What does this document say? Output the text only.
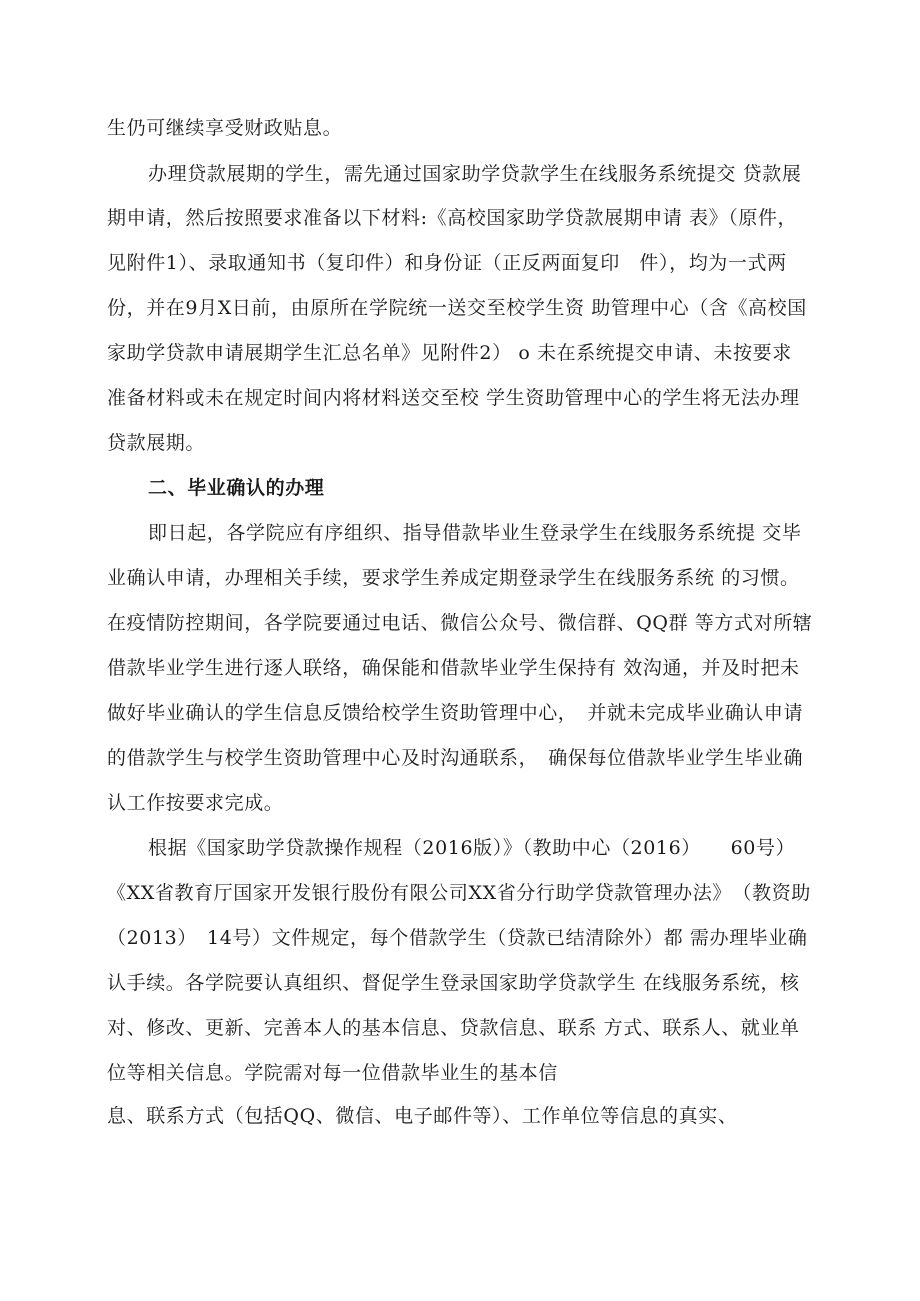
生仍可继续享受财政贴息。
办理贷款展期的学生，需先通过国家助学贷款学生在线服务系统提交 贷款展
期申请，然后按照要求准备以下材料:《高校国家助学贷款展期申请 表》（原件，
见附件1）、录取通知书（复印件）和身份证（正反两面复印　件），均为一式两
份，并在9月X日前，由原所在学院统一送交至校学生资 助管理中心（含《高校国
家助学贷款申请展期学生汇总名单》见附件2） o 未在系统提交申请、未按要求
准备材料或未在规定时间内将材料送交至校 学生资助管理中心的学生将无法办理
贷款展期。
二、毕业确认的办理
即日起，各学院应有序组织、指导借款毕业生登录学生在线服务系统提 交毕
业确认申请，办理相关手续，要求学生养成定期登录学生在线服务系统 的习惯。
在疫情防控期间，各学院要通过电话、微信公众号、微信群、QQ群 等方式对所辖
借款毕业学生进行逐人联络，确保能和借款毕业学生保持有 效沟通，并及时把未
做好毕业确认的学生信息反馈给校学生资助管理中心，　并就未完成毕业确认申请
的借款学生与校学生资助管理中心及时沟通联系，　确保每位借款毕业学生毕业确
认工作按要求完成。
根据《国家助学贷款操作规程（2016版）》（教助中心（2016）　　60号）
《XX省教育厅国家开发银行股份有限公司XX省分行助学贷款管理办法》　（教资助
（2013）　14号）文件规定，每个借款学生（贷款已结清除外）都 需办理毕业确
认手续。各学院要认真组织、督促学生登录国家助学贷款学生 在线服务系统，核
对、修改、更新、完善本人的基本信息、贷款信息、联系 方式、联系人、就业单
位等相关信息。学院需对每一位借款毕业生的基本信
息、联系方式（包括QQ、微信、电子邮件等）、工作单位等信息的真实、
